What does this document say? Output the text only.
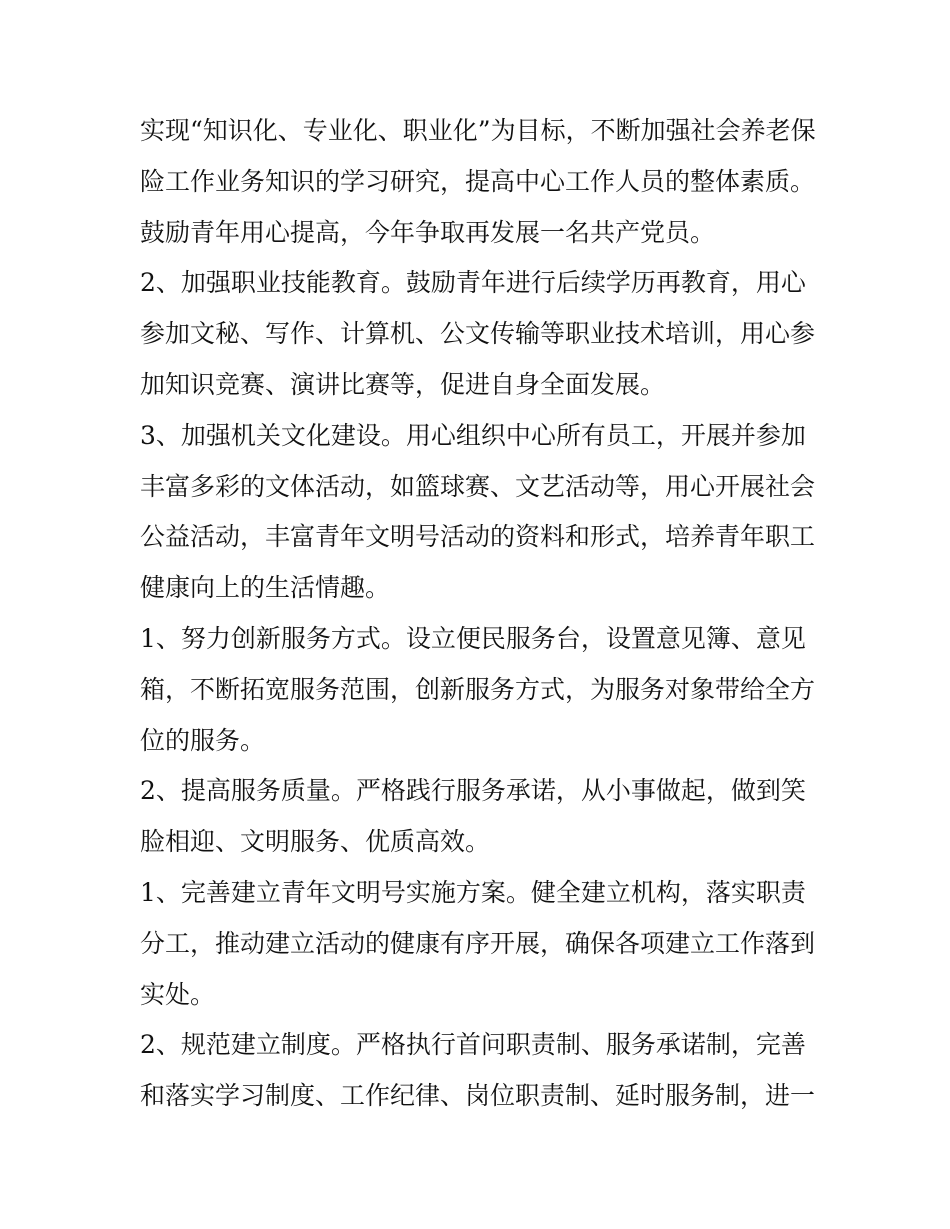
实现“知识化、专业化、职业化”为目标，不断加强社会养老保
险工作业务知识的学习研究，提高中心工作人员的整体素质。
鼓励青年用心提高，今年争取再发展一名共产党员。
2、加强职业技能教育。鼓励青年进行后续学历再教育，用心
参加文秘、写作、计算机、公文传输等职业技术培训，用心参
加知识竞赛、演讲比赛等，促进自身全面发展。
3、加强机关文化建设。用心组织中心所有员工，开展并参加
丰富多彩的文体活动，如篮球赛、文艺活动等，用心开展社会
公益活动，丰富青年文明号活动的资料和形式，培养青年职工
健康向上的生活情趣。
1、努力创新服务方式。设立便民服务台，设置意见簿、意见
箱，不断拓宽服务范围，创新服务方式，为服务对象带给全方
位的服务。
2、提高服务质量。严格践行服务承诺，从小事做起，做到笑
脸相迎、文明服务、优质高效。
1、完善建立青年文明号实施方案。健全建立机构，落实职责
分工，推动建立活动的健康有序开展，确保各项建立工作落到
实处。
2、规范建立制度。严格执行首问职责制、服务承诺制，完善
和落实学习制度、工作纪律、岗位职责制、延时服务制，进一
